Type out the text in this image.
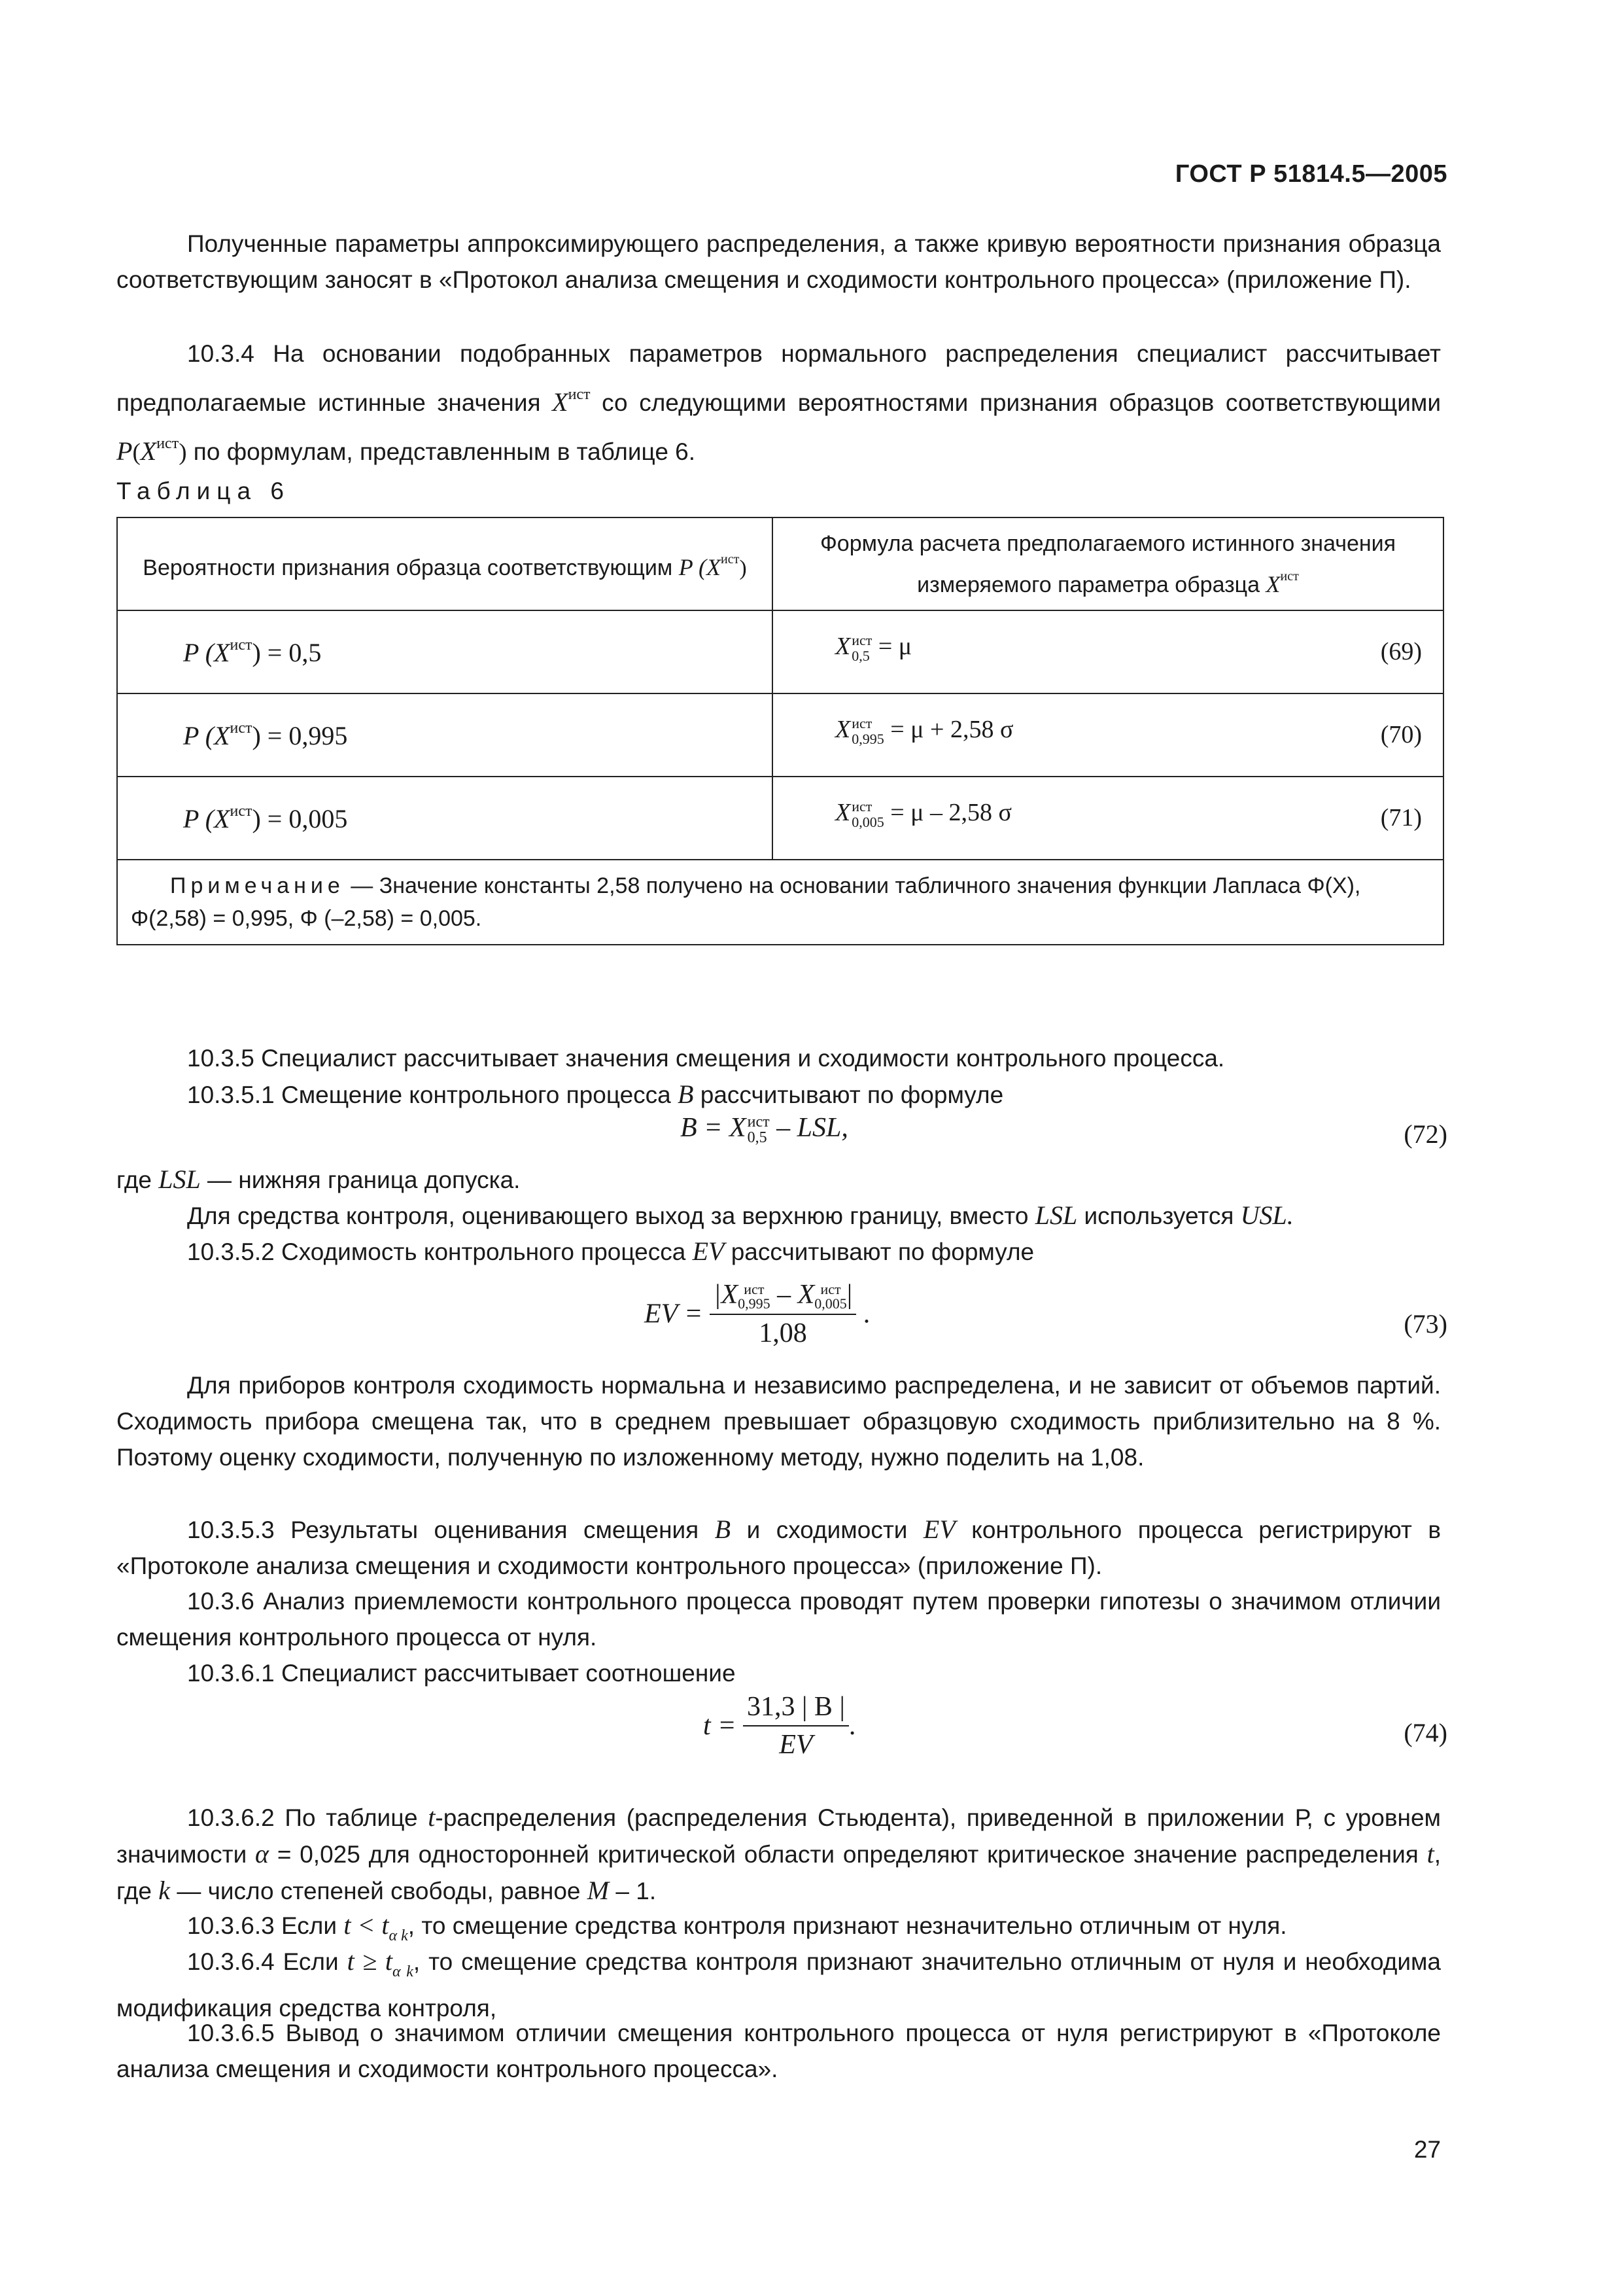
ГОСТ Р 51814.5—2005
Полученные параметры аппроксимирующего распределения, а также кривую вероятности признания образца соответствующим заносят в «Протокол анализа смещения и сходимости контрольного процесса» (приложение П).
10.3.4 На основании подобранных параметров нормального распределения специалист рассчитывает предполагаемые истинные значения $X^{ист}$ со следующими вероятностями признания образцов соответствующими $P(X^{ист})$ по формулам, представленным в таблице 6.
Таблица 6
Вероятности признания образца соответствующим P $(X^{ист})$	Формула расчета предполагаемого истинного значения
измеряемого параметра образца $X^{ист}$
P $(X^{ист}) = 0,5$	X ист
0,5 = μ (69)

P $(X^{ист}) = 0,995$	X ист
0,995 = μ + 2,58 σ (70)

P $(X^{ист}) = 0,005$	X ист
0,005 = μ – 2,58 σ (71)

Примечание — Значение константы 2,58 получено на основании табличного значения функции Лапласа Φ(X), Φ(2,58) = 0,995, Φ (–2,58) = 0,005.	
10.3.5 Специалист рассчитывает значения смещения и сходимости контрольного процесса.
10.3.5.1 Смещение контрольного процесса B рассчитывают по формуле
B = X ист
0,5 – LSL,	(72)
где LSL — нижняя граница допуска.
Для средства контроля, оценивающего выход за верхнюю границу, вместо LSL используется USL.
10.3.5.2 Сходимость контрольного процесса EV рассчитывают по формуле
EV = |X ист
0,995 – X ист
0,005 |
1,08 .	(73)
Для приборов контроля сходимость нормальна и независимо распределена, и не зависит от объемов партий. Сходимость прибора смещена так, что в среднем превышает образцовую сходимость приблизительно на 8 %. Поэтому оценку сходимости, полученную по изложенному методу, нужно поделить на 1,08.
10.3.5.3 Результаты оценивания смещения B и сходимости EV контрольного процесса регистрируют в «Протоколе анализа смещения и сходимости контрольного процесса» (приложение П).
10.3.6 Анализ приемлемости контрольного процесса проводят путем проверки гипотезы о значимом отличии смещения контрольного процесса от нуля.
10.3.6.1 Специалист рассчитывает соотношение
$t = \frac{31,3 | B |}{EV}$ .	(74)
10.3.6.2 По таблице t-распределения (распределения Стьюдента), приведенной в приложении Р, с уровнем значимости α = 0,025 для односторонней критической области определяют критическое значение распределения t, где k — число степеней свободы, равное M – 1.
10.3.6.3 Если $t < t_{\alpha k}$, то смещение средства контроля признают незначительно отличным от нуля.
10.3.6.4 Если $t \ge t_{\alpha k}$, то смещение средства контроля признают значительно отличным от нуля и необходима модификация средства контроля,
10.3.6.5 Вывод о значимом отличии смещения контрольного процесса от нуля регистрируют в «Протоколе анализа смещения и сходимости контрольного процесса».
27
